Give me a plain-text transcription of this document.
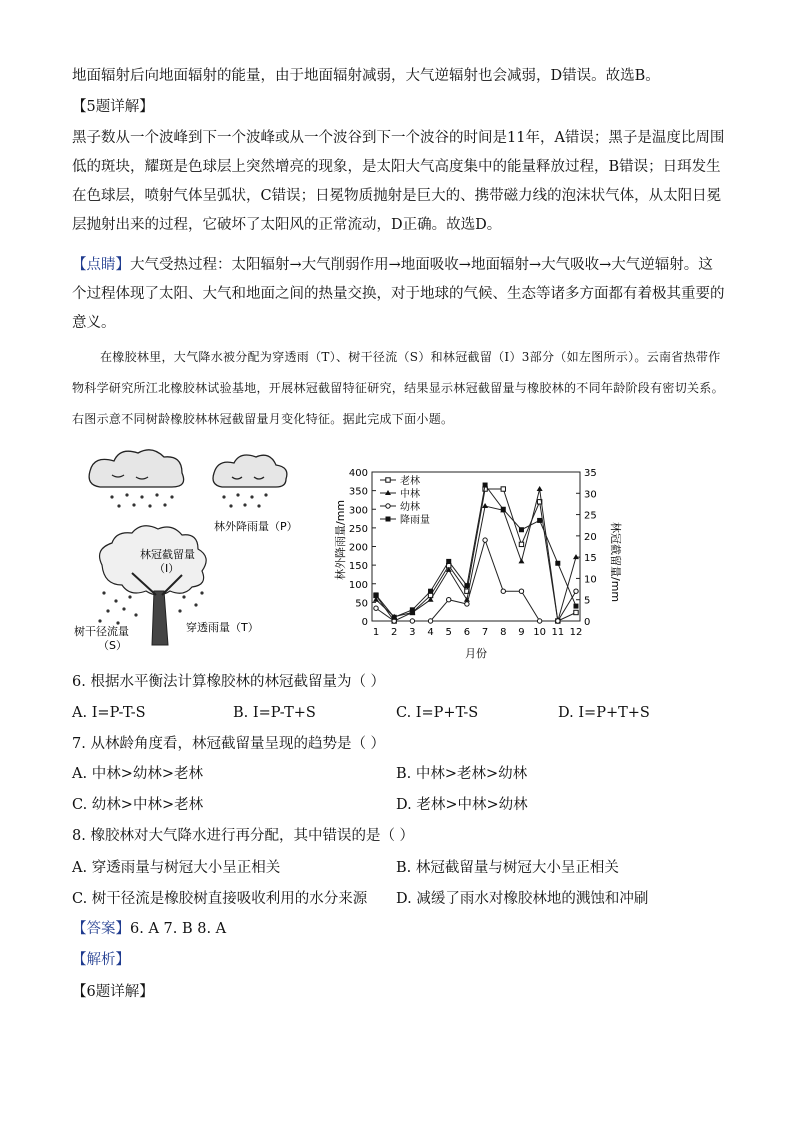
地面辐射后向地面辐射的能量，由于地面辐射减弱，大气逆辐射也会减弱，D错误。故选B。
【5题详解】
黑子数从一个波峰到下一个波峰或从一个波谷到下一个波谷的时间是11年，A错误；黑子是温度比周围低的斑块，耀斑是色球层上突然增亮的现象，是太阳大气高度集中的能量释放过程，B错误；日珥发生在色球层，喷射气体呈弧状，C错误；日冕物质抛射是巨大的、携带磁力线的泡沫状气体，从太阳日冕层抛射出来的过程，它破坏了太阳风的正常流动，D正确。故选D。
【点睛】大气受热过程：太阳辐射→大气削弱作用→地面吸收→地面辐射→大气吸收→大气逆辐射。这个过程体现了太阳、大气和地面之间的热量交换，对于地球的气候、生态等诸多方面都有着极其重要的意义。
在橡胶林里，大气降水被分配为穿透雨（T）、树干径流（S）和林冠截留（I）3部分（如左图所示）。云南省热带作物科学研究所江北橡胶林试验基地，开展林冠截留特征研究，结果显示林冠截留量与橡胶林的不同年龄阶段有密切关系。右图示意不同树龄橡胶林林冠截留量月变化特征。据此完成下面小题。
林外降雨量（P）
林冠截留量
（I）
树干径流量
（S）
穿透雨量（T）	0
50
100
150
200
250
300
350
400
0
5
10
15
20
25
30
35
1 2 3 4 5 6 7 8 9 10 11 12
老林
中林
幼林
降雨量
林外降雨量/mm	林冠截留量/mm
月份
6. 根据水平衡法计算橡胶林的林冠截留量为（ ）
A. I=P-T-S	B. I=P-T+S	C. I=P+T-S	D. I=P+T+S
7. 从林龄角度看，林冠截留量呈现的趋势是（ ）
A. 中林>幼林>老林	B. 中林>老林>幼林
C. 幼林>中林>老林	D. 老林>中林>幼林
8. 橡胶林对大气降水进行再分配，其中错误的是（ ）
A. 穿透雨量与树冠大小呈正相关	B. 林冠截留量与树冠大小呈正相关
C. 树干径流是橡胶树直接吸收利用的水分来源 D. 减缓了雨水对橡胶林地的溅蚀和冲刷
【答案】6. A 7. B 8. A
【解析】
【6题详解】
